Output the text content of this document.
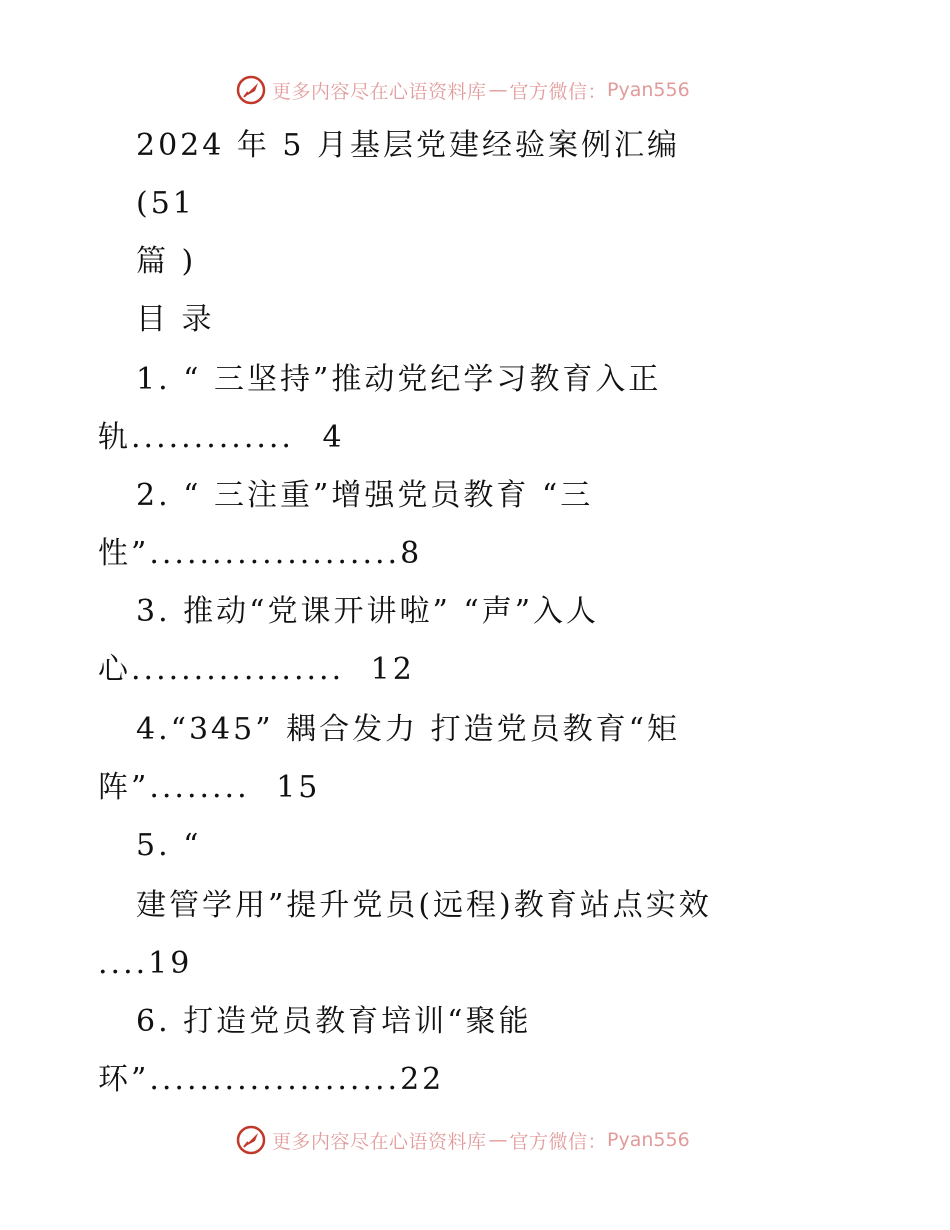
更多内容尽在心语资料库 — 官方微信： Pyan556
2024 年 5 月基层党建经验案例汇编
(51
篇 )
目 录
1. “ 三坚持”推动党纪学习教育入正
轨............. 4
2. “ 三注重”增强党员教育 “三
性”....................8
3. 推动“党课开讲啦” “声”入人
心................. 12
4.“345” 耦合发力 打造党员教育“矩
阵”........ 15
5. “
建管学用”提升党员(远程)教育站点实效
....19
6. 打造党员教育培训“聚能
环”....................22
更多内容尽在心语资料库 — 官方微信： Pyan556
